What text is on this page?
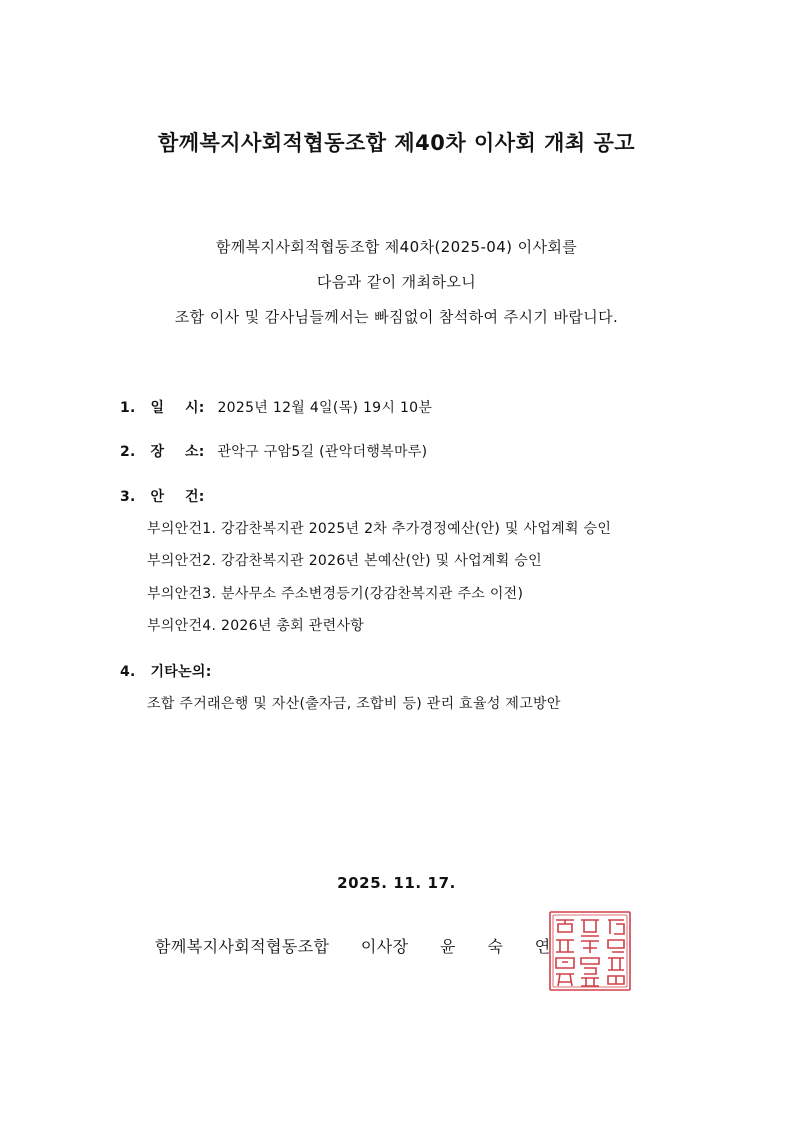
함께복지사회적협동조합 제40차 이사회 개최 공고
함께복지사회적협동조합 제40차(2025-04) 이사회를
다음과 같이 개최하오니
조합 이사 및 감사님들께서는 빠짐없이 참석하여 주시기 바랍니다.
1. 일    시: 2025년 12월 4일(목) 19시 10분
2. 장    소: 관악구 구암5길 (관악더행복마루)
3. 안    건:
부의안건1. 강감찬복지관 2025년 2차 추가경정예산(안) 및 사업계획 승인
부의안건2. 강감찬복지관 2026년 본예산(안) 및 사업계획 승인
부의안건3. 분사무소 주소변경등기(강감찬복지관 주소 이전)
부의안건4. 2026년 총회 관련사항
4. 기타논의:
조합 주거래은행 및 자산(출자금, 조합비 등) 관리 효율성 제고방안
2025. 11. 17.
함께복지사회적협동조합 이사장 윤 숙 연
